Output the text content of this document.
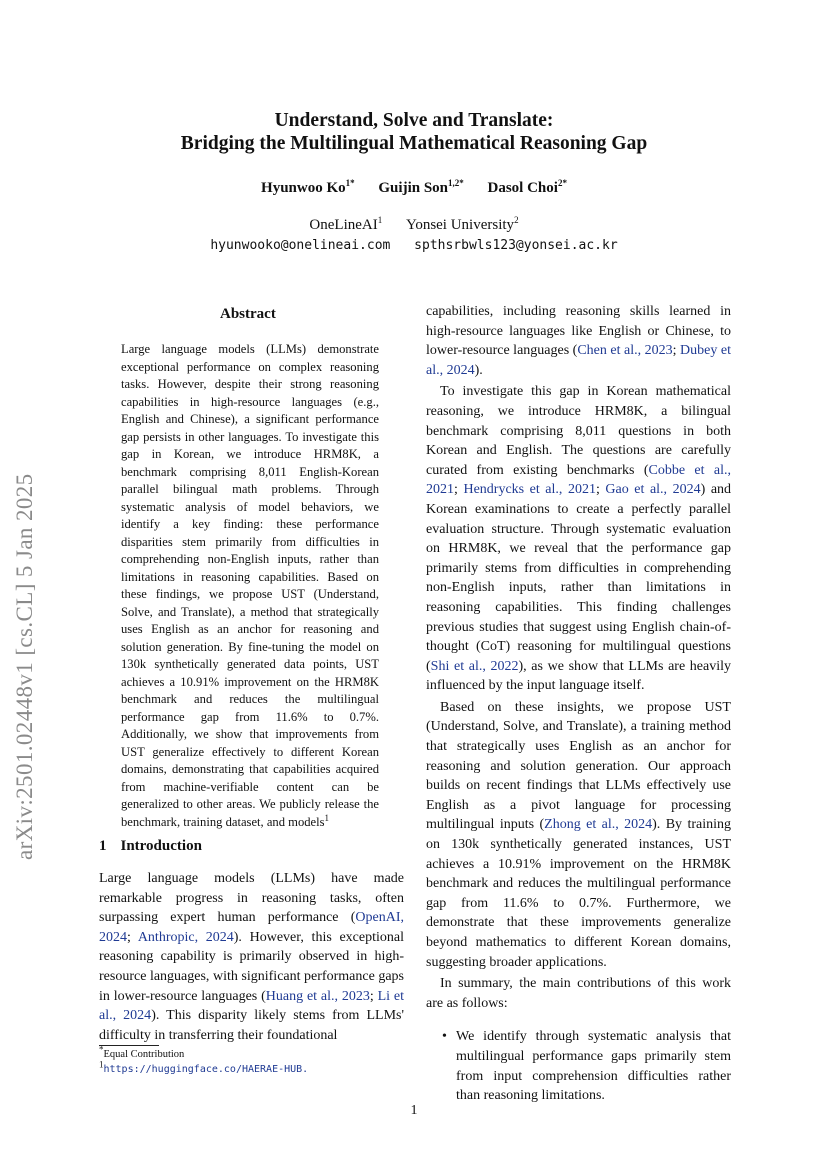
arXiv:2501.02448v1 [cs.CL] 5 Jan 2025
Understand, Solve and Translate:
Bridging the Multilingual Mathematical Reasoning Gap
Hyunwoo $Ko^{1*}$ Guijin Son$^{1,2*}$ Dasol Choi$^{2*}$
OneLineAI$^1$ Yonsei University$^2$
hyunwooko@onelineai.com spthsrbwls123@yonsei.ac.kr
Abstract
Large language models (LLMs) demonstrate exceptional performance on complex reasoning tasks. However, despite their strong reasoning capabilities in high-resource languages (e.g., English and Chinese), a significant performance gap persists in other languages. To investigate this gap in Korean, we introduce HRM8K, a benchmark comprising 8,011 English-Korean parallel bilingual math problems. Through systematic analysis of model behaviors, we identify a key finding: these performance disparities stem primarily from difficulties in comprehending non-English inputs, rather than limitations in reasoning capabilities. Based on these findings, we propose UST (Understand, Solve, and Translate), a method that strategically uses English as an anchor for reasoning and solution generation. By fine-tuning the model on 130k synthetically generated data points, UST achieves a 10.91% improvement on the HRM8K benchmark and reduces the multilingual performance gap from 11.6% to 0.7%. Additionally, we show that improvements from UST generalize effectively to different Korean domains, demonstrating that capabilities acquired from machine-verifiable content can be generalized to other areas. We publicly release the benchmark, training dataset, and models$^1$
1 Introduction
Large language models (LLMs) have made remarkable progress in reasoning tasks, often surpassing expert human performance (OpenAI, 2024; Anthropic, 2024). However, this exceptional reasoning capability is primarily observed in high-resource languages, with significant performance gaps in lower-resource languages (Huang et al., 2023; Li et al., 2024). This disparity likely stems from LLMs' difficulty in transferring their foundational

capabilities, including reasoning skills learned in high-resource languages like English or Chinese, to lower-resource languages (Chen et al., 2023; Dubey et al., 2024).

To investigate this gap in Korean mathematical reasoning, we introduce HRM8K, a bilingual benchmark comprising 8,011 questions in both Korean and English. The questions are carefully curated from existing benchmarks (Cobbe et al., 2021; Hendrycks et al., 2021; Gao et al., 2024) and Korean examinations to create a perfectly parallel evaluation structure. Through systematic evaluation on HRM8K, we reveal that the performance gap primarily stems from difficulties in comprehending non-English inputs, rather than limitations in reasoning capabilities. This finding challenges previous studies that suggest using English chain-of-thought (CoT) reasoning for multilingual questions (Shi et al., 2022), as we show that LLMs are heavily influenced by the input language itself.

Based on these insights, we propose UST (Understand, Solve, and Translate), a training method that strategically uses English as an anchor for reasoning and solution generation. Our approach builds on recent findings that LLMs effectively use English as a pivot language for processing multilingual inputs (Zhong et al., 2024). By training on 130k synthetically generated instances, UST achieves a 10.91% improvement on the HRM8K benchmark and reduces the multilingual performance gap from 11.6% to 0.7%. Furthermore, we demonstrate that these improvements generalize beyond mathematics to different Korean domains, suggesting broader applications.

In summary, the main contributions of this work are as follows:

• We identify through systematic analysis that multilingual performance gaps primarily stem from input comprehension difficulties rather than reasoning limitations.
*Equal Contribution
$^1$https://huggingface.co/HAERAE-HUB.
1
